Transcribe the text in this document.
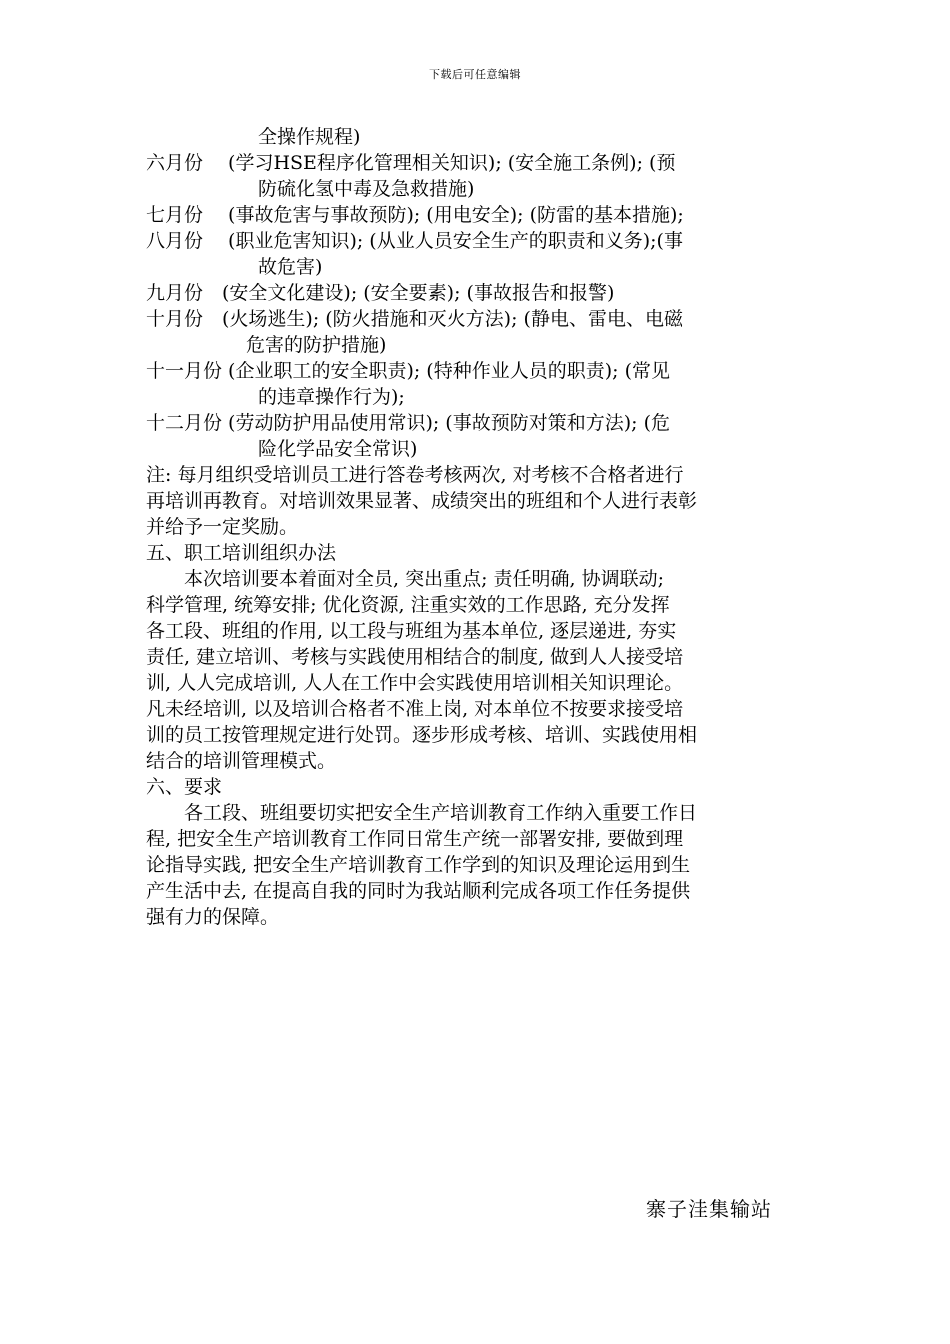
下载后可任意编辑
全操作规程)
六月份　 (学习HSE程序化管理相关知识); (安全施工条例); (预
防硫化氢中毒及急救措施)
七月份　 (事故危害与事故预防); (用电安全); (防雷的基本措施);
八月份　 (职业危害知识); (从业人员安全生产的职责和义务);(事
故危害)
九月份　(安全文化建设); (安全要素); (事故报告和报警)
十月份　(火场逃生); (防火措施和灭火方法); (静电、雷电、电磁
危害的防护措施)
十一月份 (企业职工的安全职责); (特种作业人员的职责); (常见
的违章操作行为);
十二月份 (劳动防护用品使用常识); (事故预防对策和方法); (危
险化学品安全常识)
注: 每月组织受培训员工进行答卷考核两次, 对考核不合格者进行
再培训再教育。对培训效果显著、成绩突出的班组和个人进行表彰
并给予一定奖励。
五、职工培训组织办法
本次培训要本着面对全员, 突出重点; 责任明确, 协调联动;
科学管理, 统筹安排; 优化资源, 注重实效的工作思路, 充分发挥
各工段、班组的作用, 以工段与班组为基本单位, 逐层递进, 夯实
责任, 建立培训、考核与实践使用相结合的制度, 做到人人接受培
训, 人人完成培训, 人人在工作中会实践使用培训相关知识理论。
凡未经培训, 以及培训合格者不准上岗, 对本单位不按要求接受培
训的员工按管理规定进行处罚。逐步形成考核、培训、实践使用相
结合的培训管理模式。
六、要求
各工段、班组要切实把安全生产培训教育工作纳入重要工作日
程, 把安全生产培训教育工作同日常生产统一部署安排, 要做到理
论指导实践, 把安全生产培训教育工作学到的知识及理论运用到生
产生活中去, 在提高自我的同时为我站顺利完成各项工作任务提供
强有力的保障。
寨子洼集输站
